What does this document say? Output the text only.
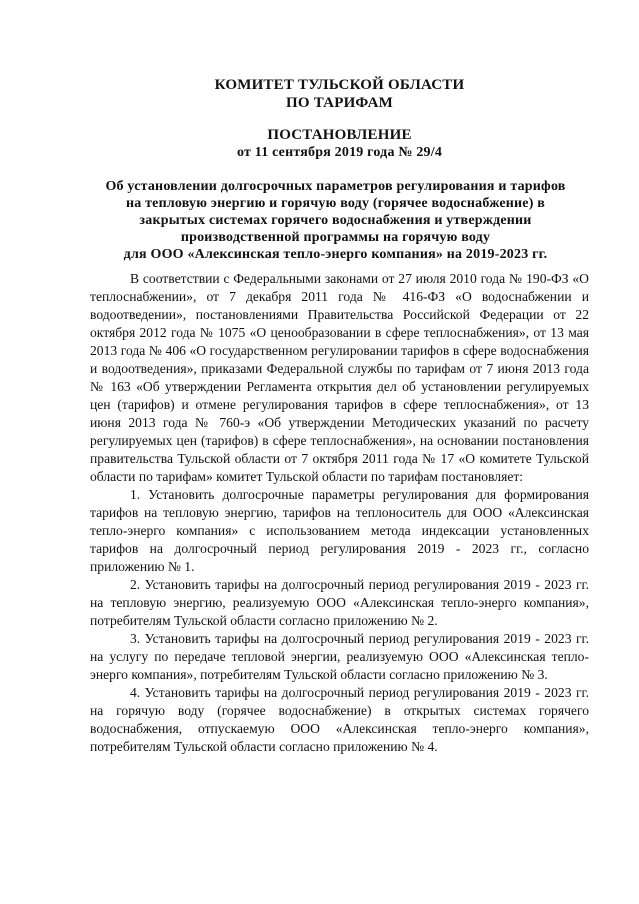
КОМИТЕТ ТУЛЬСКОЙ ОБЛАСТИ
ПО ТАРИФАМ
ПОСТАНОВЛЕНИЕ
от 11 сентября 2019 года № 29/4
Об установлении долгосрочных параметров регулирования и тарифов
на тепловую энергию и горячую воду (горячее водоснабжение) в
закрытых системах горячего водоснабжения и утверждении
производственной программы на горячую воду
для ООО «Алексинская тепло-энерго компания» на 2019-2023 гг.

В соответствии с Федеральными законами от 27 июля 2010 года № 190-ФЗ «О теплоснабжении», от 7 декабря 2011 года № 416-ФЗ «О водоснабжении и водоотведении», постановлениями Правительства Российской Федерации от 22 октября 2012 года № 1075 «О ценообразовании в сфере теплоснабжения», от 13 мая 2013 года № 406 «О государственном регулировании тарифов в сфере водоснабжения и водоотведения», приказами Федеральной службы по тарифам от 7 июня 2013 года № 163 «Об утверждении Регламента открытия дел об установлении регулируемых цен (тарифов) и отмене регулирования тарифов в сфере теплоснабжения», от 13 июня 2013 года № 760-э «Об утверждении Методических указаний по расчету регулируемых цен (тарифов) в сфере теплоснабжения», на основании постановления правительства Тульской области от 7 октября 2011 года № 17 «О комитете Тульской области по тарифам» комитет Тульской области по тарифам постановляет:

1. Установить долгосрочные параметры регулирования для формирования тарифов на тепловую энергию, тарифов на теплоноситель для ООО «Алексинская тепло-энерго компания» с использованием метода индексации установленных тарифов на долгосрочный период регулирования 2019 - 2023 гг., согласно приложению № 1.

2. Установить тарифы на долгосрочный период регулирования 2019 - 2023 гг. на тепловую энергию, реализуемую ООО «Алексинская тепло-энерго компания», потребителям Тульской области согласно приложению № 2.

3. Установить тарифы на долгосрочный период регулирования 2019 - 2023 гг. на услугу по передаче тепловой энергии, реализуемую ООО «Алексинская тепло-энерго компания», потребителям Тульской области согласно приложению № 3.

4. Установить тарифы на долгосрочный период регулирования 2019 - 2023 гг. на горячую воду (горячее водоснабжение) в открытых системах горячего водоснабжения, отпускаемую ООО «Алексинская тепло-энерго компания», потребителям Тульской области согласно приложению № 4.
